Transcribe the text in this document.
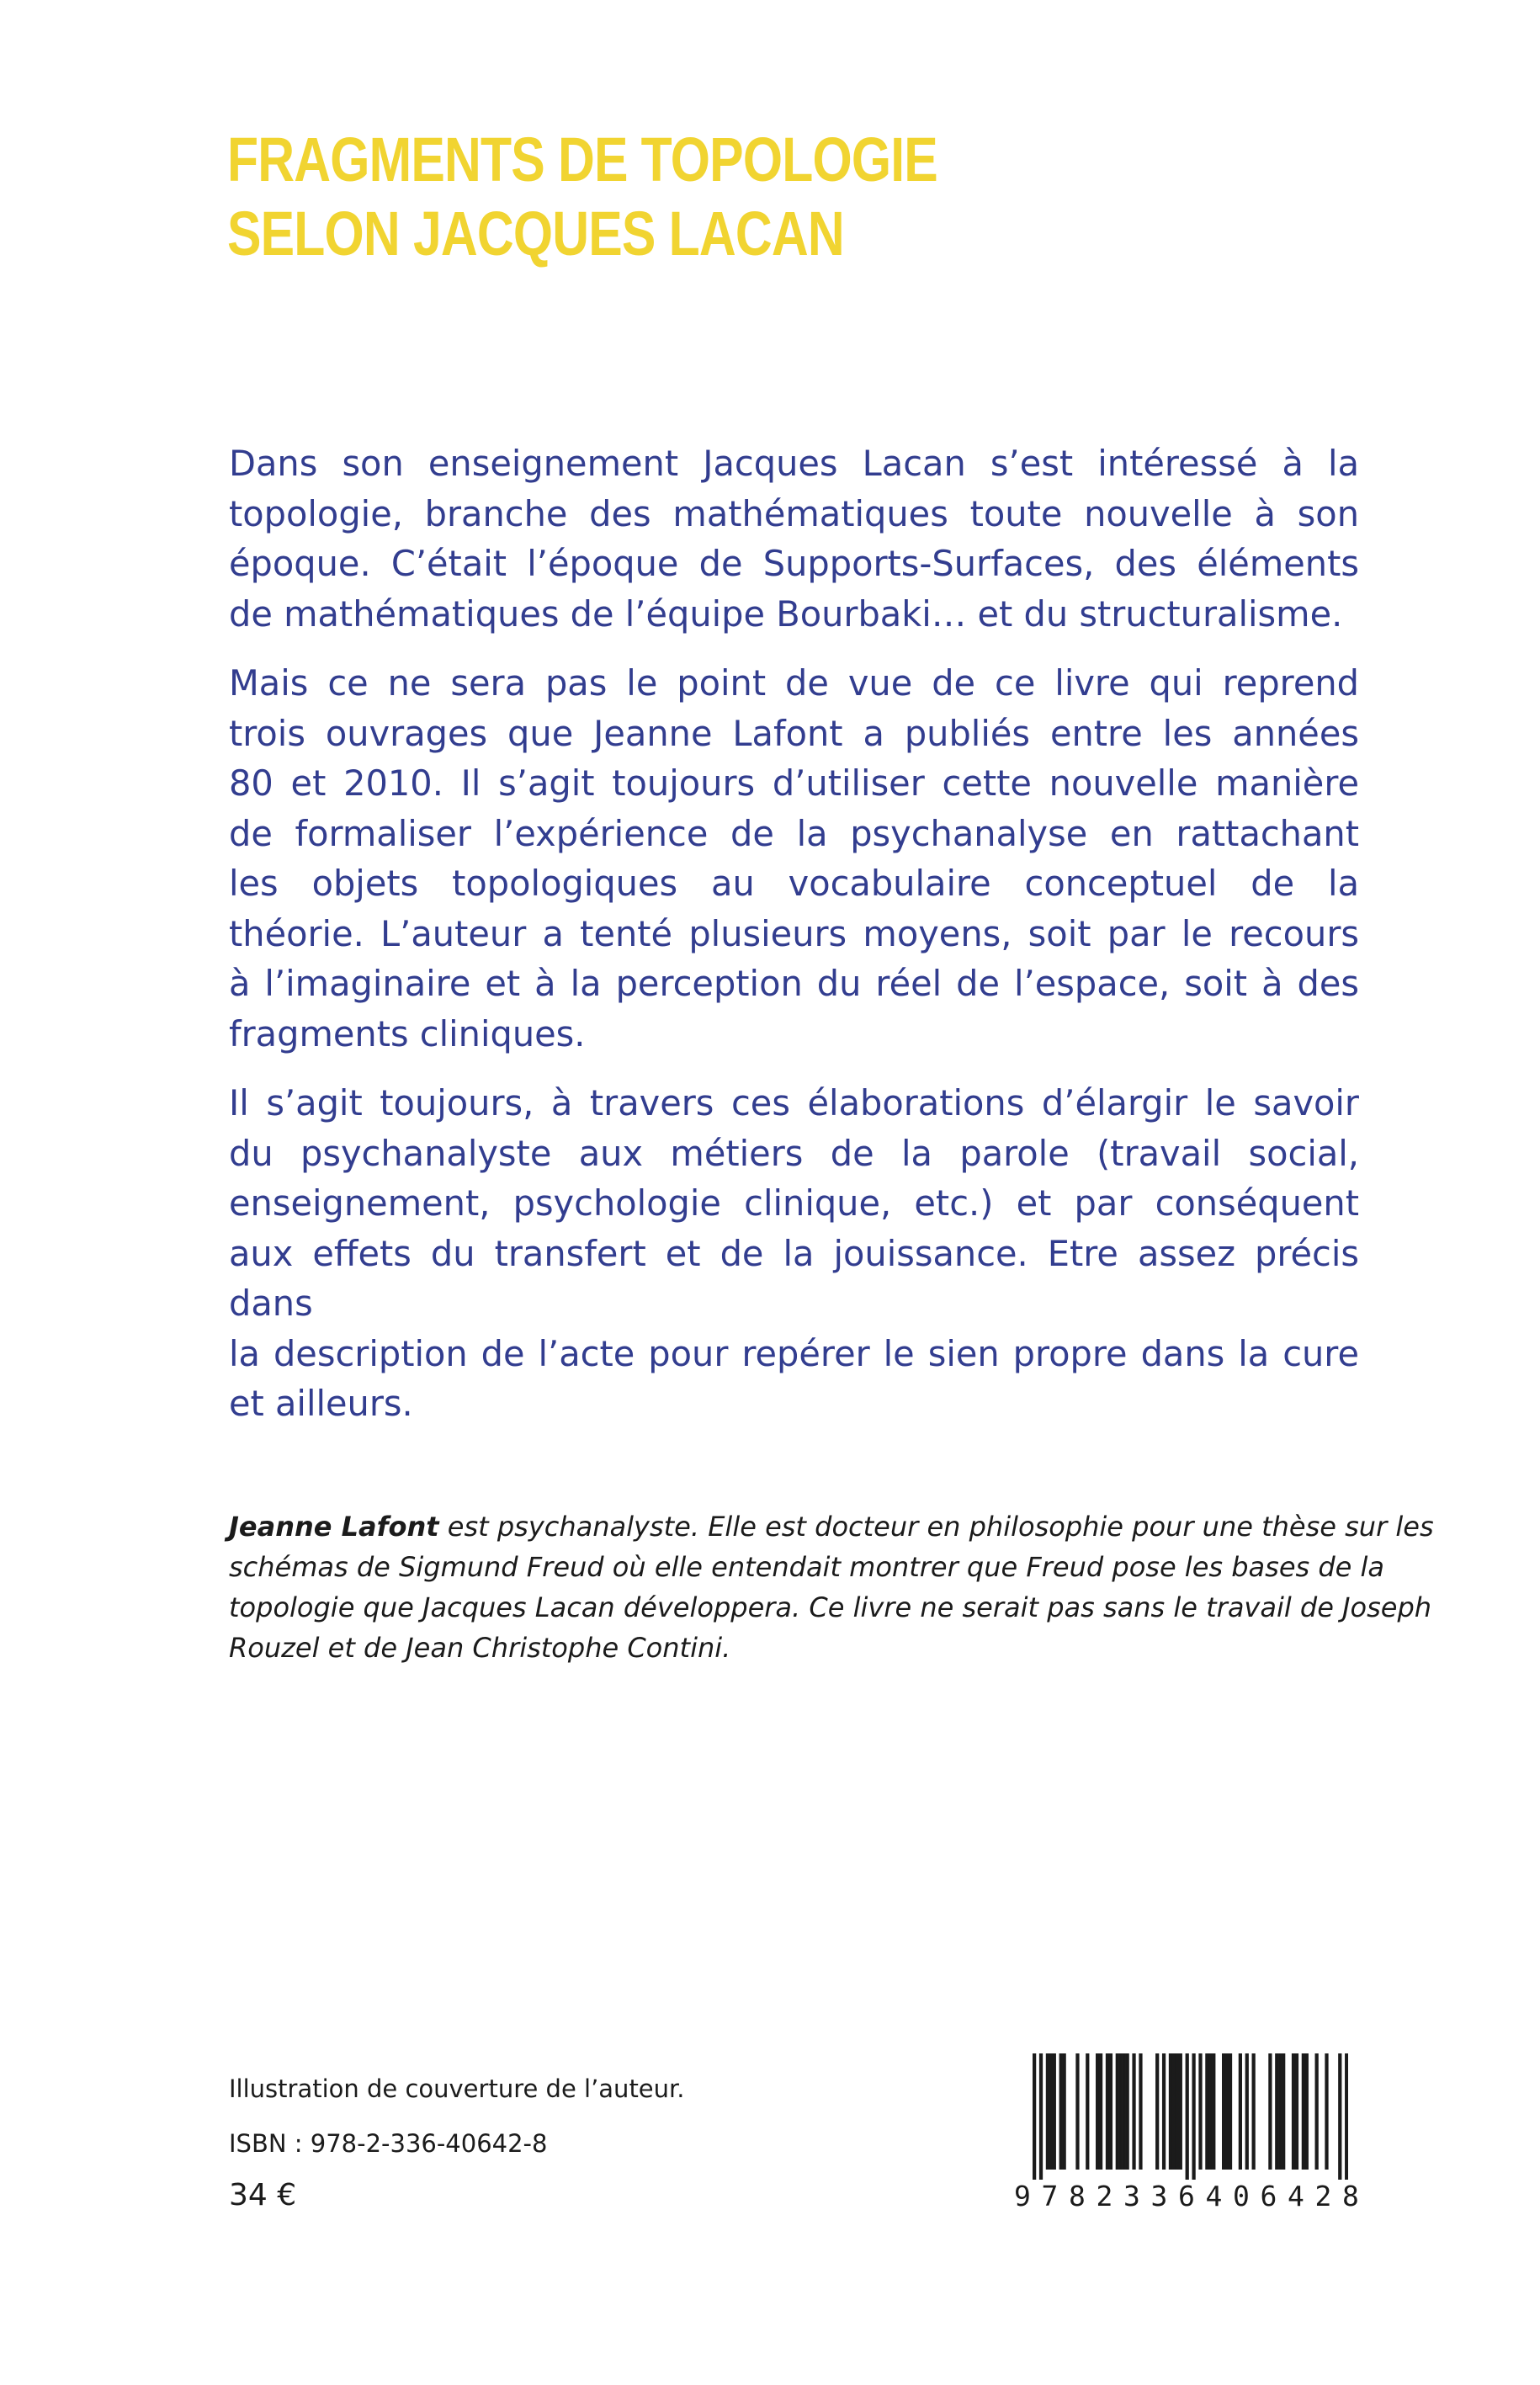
FRAGMENTS DE TOPOLOGIE
SELON JACQUES LACAN

Dans son enseignement Jacques Lacan s’est intéressé à la
topologie, branche des mathématiques toute nouvelle à son
époque. C’était l’époque de Supports-Surfaces, des éléments
de mathématiques de l’équipe Bourbaki… et du structuralisme.

Mais ce ne sera pas le point de vue de ce livre qui reprend
trois ouvrages que Jeanne Lafont a publiés entre les années
80 et 2010. Il s’agit toujours d’utiliser cette nouvelle manière
de formaliser l’expérience de la psychanalyse en rattachant
les objets topologiques au vocabulaire conceptuel de la
théorie. L’auteur a tenté plusieurs moyens, soit par le recours
à l’imaginaire et à la perception du réel de l’espace, soit à des
fragments cliniques.

Il s’agit toujours, à travers ces élaborations d’élargir le savoir
du psychanalyste aux métiers de la parole (travail social,
enseignement, psychologie clinique, etc.) et par conséquent
aux effets du transfert et de la jouissance. Etre assez précis dans
la description de l’acte pour repérer le sien propre dans la cure
et ailleurs.

Jeanne Lafont est psychanalyste. Elle est docteur en philosophie pour une thèse sur les
schémas de Sigmund Freud où elle entendait montrer que Freud pose les bases de la
topologie que Jacques Lacan développera. Ce livre ne serait pas sans le travail de Joseph
Rouzel et de Jean Christophe Contini.
Illustration de couverture de l’auteur.
ISBN : 978-2-336-40642-8
34 €	9 7 8 2 3 3 6 4 0 6 4 2 8
